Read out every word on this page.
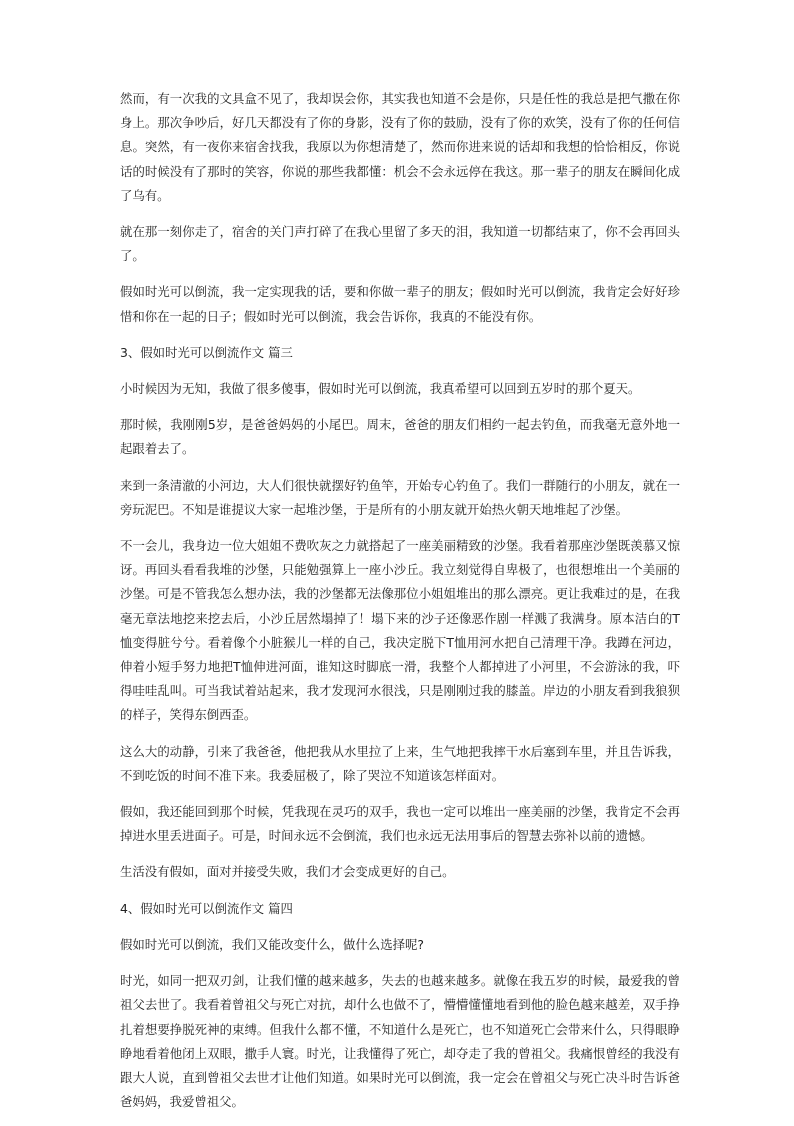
然而，有一次我的文具盒不见了，我却误会你，其实我也知道不会是你，只是任性的我总是把气撒在你身上。那次争吵后，好几天都没有了你的身影，没有了你的鼓励，没有了你的欢笑，没有了你的任何信息。突然，有一夜你来宿舍找我，我原以为你想清楚了，然而你进来说的话却和我想的恰恰相反，你说话的时候没有了那时的笑容，你说的那些我都懂：机会不会永远停在我这。那一辈子的朋友在瞬间化成了乌有。

就在那一刻你走了，宿舍的关门声打碎了在我心里留了多天的泪，我知道一切都结束了，你不会再回头了。

假如时光可以倒流，我一定实现我的话，要和你做一辈子的朋友；假如时光可以倒流，我肯定会好好珍惜和你在一起的日子；假如时光可以倒流，我会告诉你，我真的不能没有你。

3、假如时光可以倒流作文 篇三

小时候因为无知，我做了很多傻事，假如时光可以倒流，我真希望可以回到五岁时的那个夏天。

那时候，我刚刚5岁，是爸爸妈妈的小尾巴。周末，爸爸的朋友们相约一起去钓鱼，而我毫无意外地一起跟着去了。

来到一条清澈的小河边，大人们很快就摆好钓鱼竿，开始专心钓鱼了。我们一群随行的小朋友，就在一旁玩泥巴。不知是谁提议大家一起堆沙堡，于是所有的小朋友就开始热火朝天地堆起了沙堡。

不一会儿，我身边一位大姐姐不费吹灰之力就搭起了一座美丽精致的沙堡。我看着那座沙堡既羡慕又惊讶。再回头看看我堆的沙堡，只能勉强算上一座小沙丘。我立刻觉得自卑极了，也很想堆出一个美丽的沙堡。可是不管我怎么想办法，我的沙堡都无法像那位小姐姐堆出的那么漂亮。更让我难过的是，在我毫无章法地挖来挖去后，小沙丘居然塌掉了！塌下来的沙子还像恶作剧一样溅了我满身。原本洁白的T恤变得脏兮兮。看着像个小脏猴儿一样的自己，我决定脱下T恤用河水把自己清理干净。我蹲在河边，伸着小短手努力地把T恤伸进河面，谁知这时脚底一滑，我整个人都掉进了小河里，不会游泳的我，吓得哇哇乱叫。可当我试着站起来，我才发现河水很浅，只是刚刚过我的膝盖。岸边的小朋友看到我狼狈的样子，笑得东倒西歪。

这么大的动静，引来了我爸爸，他把我从水里拉了上来，生气地把我摔干水后塞到车里，并且告诉我，不到吃饭的时间不准下来。我委屈极了，除了哭泣不知道该怎样面对。

假如，我还能回到那个时候，凭我现在灵巧的双手，我也一定可以堆出一座美丽的沙堡，我肯定不会再掉进水里丢进面子。可是，时间永远不会倒流，我们也永远无法用事后的智慧去弥补以前的遗憾。

生活没有假如，面对并接受失败，我们才会变成更好的自己。

4、假如时光可以倒流作文 篇四

假如时光可以倒流，我们又能改变什么，做什么选择呢?

时光，如同一把双刃剑，让我们懂的越来越多，失去的也越来越多。就像在我五岁的时候，最爱我的曾祖父去世了。我看着曾祖父与死亡对抗，却什么也做不了，懵懵懂懂地看到他的脸色越来越差，双手挣扎着想要挣脱死神的束缚。但我什么都不懂，不知道什么是死亡，也不知道死亡会带来什么，只得眼睁睁地看着他闭上双眼，撒手人寰。时光，让我懂得了死亡，却夺走了我的曾祖父。我痛恨曾经的我没有跟大人说，直到曾祖父去世才让他们知道。如果时光可以倒流，我一定会在曾祖父与死亡决斗时告诉爸爸妈妈，我爱曾祖父。
